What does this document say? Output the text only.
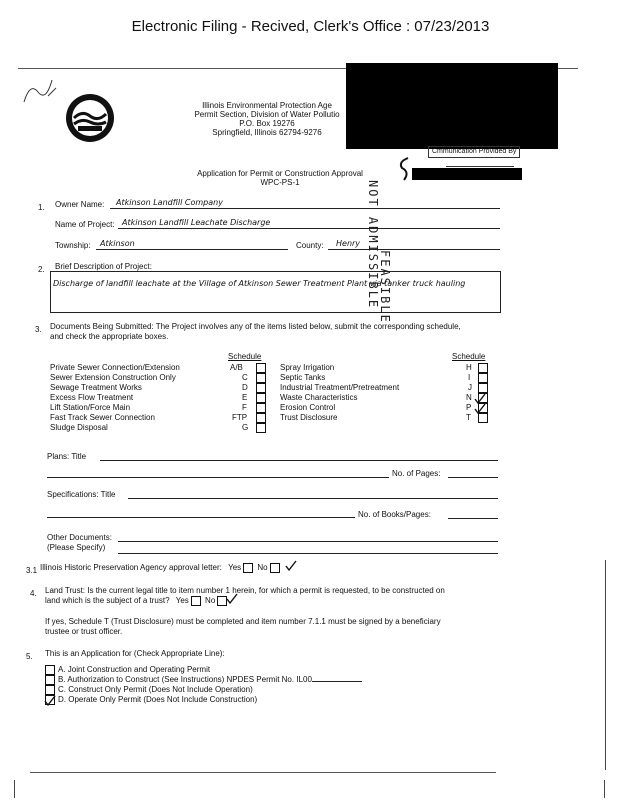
Electronic Filing - Recived, Clerk's Office : 07/23/2013
Illinois Environmental Protection Age
Permit Section, Division of Water Pollutio
P.O. Box 19276
Springfield, Illinois 62794-9276
Cmmunication Provided By
Application for Permit or Construction Approval
WPC-PS-1	NOT ADMISSIBLE
FEASIBLE
1. Owner Name: Atkinson Landfill Company
Name of Project: Atkinson Landfill Leachate Discharge
Township: Atkinson	County: Henry
2. Brief Description of Project:
Discharge of landfill leachate at the Village of Atkinson Sewer Treatment Plant via tanker truck hauling
3. Documents Being Submitted: The Project involves any of the items listed below, submit the corresponding schedule,
and check the appropriate boxes.
Schedule	Schedule
Private Sewer Connection/Extension	A/B
Sewer Extension Construction Only	C
Sewage Treatment Works	D
Excess Flow Treatment	E
Lift Station/Force Main	F
Fast Track Sewer Connection	FTP
Sludge Disposal	G
Spray Irrigation	H
Septic Tanks	I
Industrial Treatment/Pretreatment	J
Waste Characteristics	N
Erosion Control	P
Trust Disclosure	T
Plans: Title
No. of Pages:
Specifications: Title
No. of Books/Pages:
Other Documents:
(Please Specify)
3.1 Illinois Historic Preservation Agency approval letter: Yes No
4. Land Trust: Is the current legal title to item number 1 herein, for which a permit is requested, to be constructed on
land which is the subject of a trust? Yes No
If yes, Schedule T (Trust Disclosure) must be completed and item number 7.1.1 must be signed by a beneficiary
trustee or trust officer.
5. This is an Application for (Check Appropriate Line):
A. Joint Construction and Operating Permit
B. Authorization to Construct (See Instructions) NPDES Permit No. IL00
C. Construct Only Permit (Does Not Include Operation)
D. Operate Only Permit (Does Not Include Construction)
